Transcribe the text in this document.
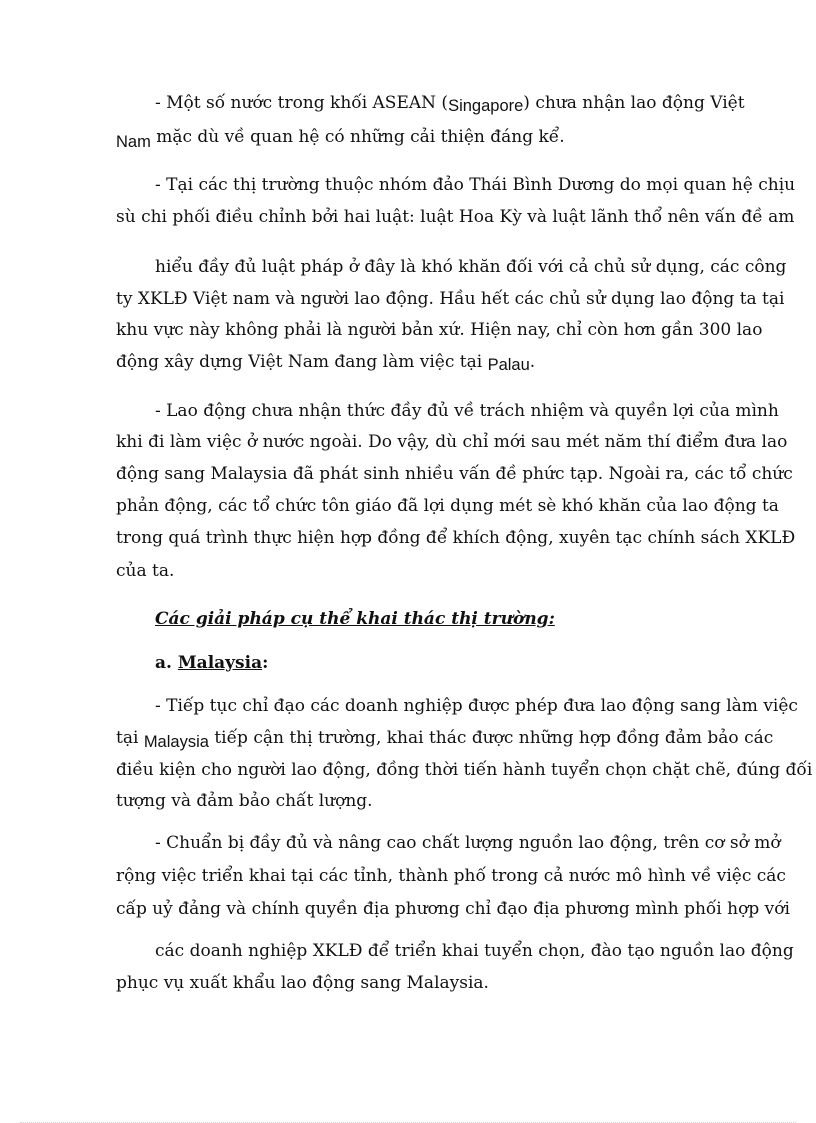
- Một số nước trong khối ASEAN (Singapore) chưa nhận lao động Việt
Nam mặc dù về quan hệ có những cải thiện đáng kể.
- Tại các thị trường thuộc nhóm đảo Thái Bình Dương do mọi quan hệ chịu
sù chi phối điều chỉnh bởi hai luật: luật Hoa Kỳ và luật lãnh thổ nên vấn đề am
hiểu đầy đủ luật pháp ở đây là khó khăn đối với cả chủ sử dụng, các công
ty XKLĐ Việt nam và người lao động. Hầu hết các chủ sử dụng lao động ta tại
khu vực này không phải là người bản xứ. Hiện nay, chỉ còn hơn gần 300 lao
động xây dựng Việt Nam đang làm việc tại Palau.
- Lao động chưa nhận thức đầy đủ về trách nhiệm và quyền lợi của mình
khi đi làm việc ở nước ngoài. Do vậy, dù chỉ mới sau mét năm thí điểm đưa lao
động sang Malaysia đã phát sinh nhiều vấn đề phức tạp. Ngoài ra, các tổ chức
phản động, các tổ chức tôn giáo đã lợi dụng mét sè khó khăn của lao động ta
trong quá trình thực hiện hợp đồng để khích động, xuyên tạc chính sách XKLĐ
của ta.
Các giải pháp cụ thể khai thác thị trường:
a. Malaysia:
- Tiếp tục chỉ đạo các doanh nghiệp được phép đưa lao động sang làm việc
tại Malaysia tiếp cận thị trường, khai thác được những hợp đồng đảm bảo các
điều kiện cho người lao động, đồng thời tiến hành tuyển chọn chặt chẽ, đúng đối
tượng và đảm bảo chất lượng.
- Chuẩn bị đầy đủ và nâng cao chất lượng nguồn lao động, trên cơ sở mở
rộng việc triển khai tại các tỉnh, thành phố trong cả nước mô hình về việc các
cấp uỷ đảng và chính quyền địa phương chỉ đạo địa phương mình phối hợp với
các doanh nghiệp XKLĐ để triển khai tuyển chọn, đào tạo nguồn lao động
phục vụ xuất khẩu lao động sang Malaysia.
